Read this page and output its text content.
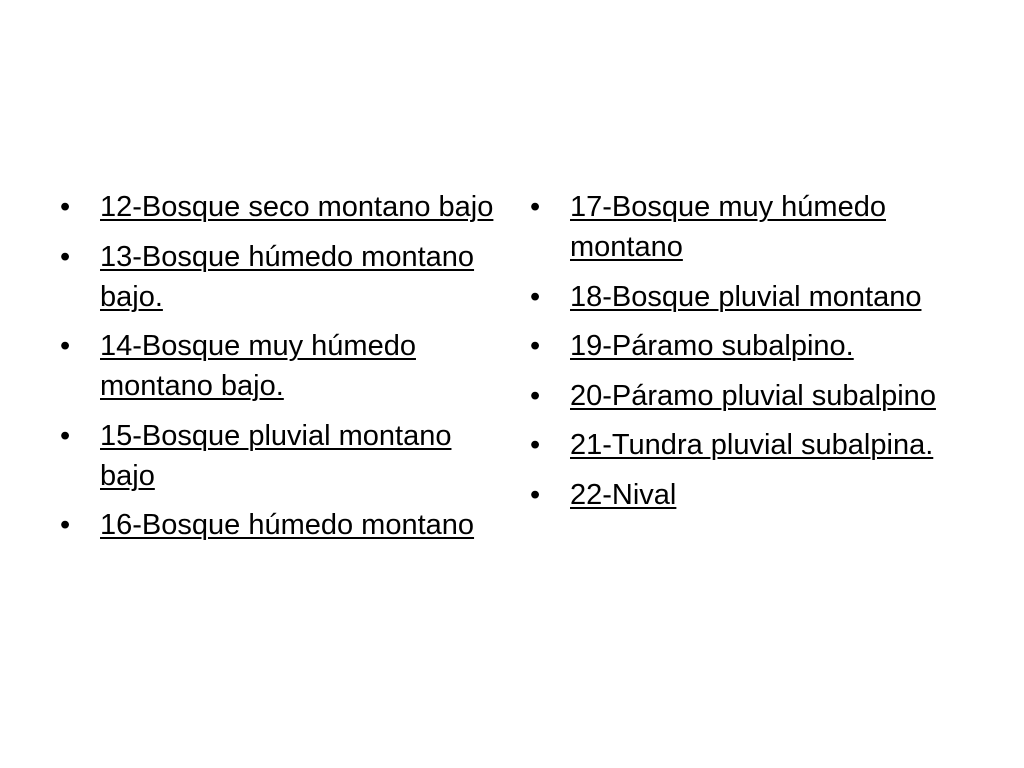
• 12-Bosque seco montano bajo
• 13-Bosque húmedo montano bajo.
• 14-Bosque muy húmedo montano bajo.
• 15-Bosque pluvial montano bajo
• 16-Bosque húmedo montano
• 17-Bosque muy húmedo montano
• 18-Bosque pluvial montano
• 19-Páramo subalpino.
• 20-Páramo pluvial subalpino
• 21-Tundra pluvial subalpina.
• 22-Nival
